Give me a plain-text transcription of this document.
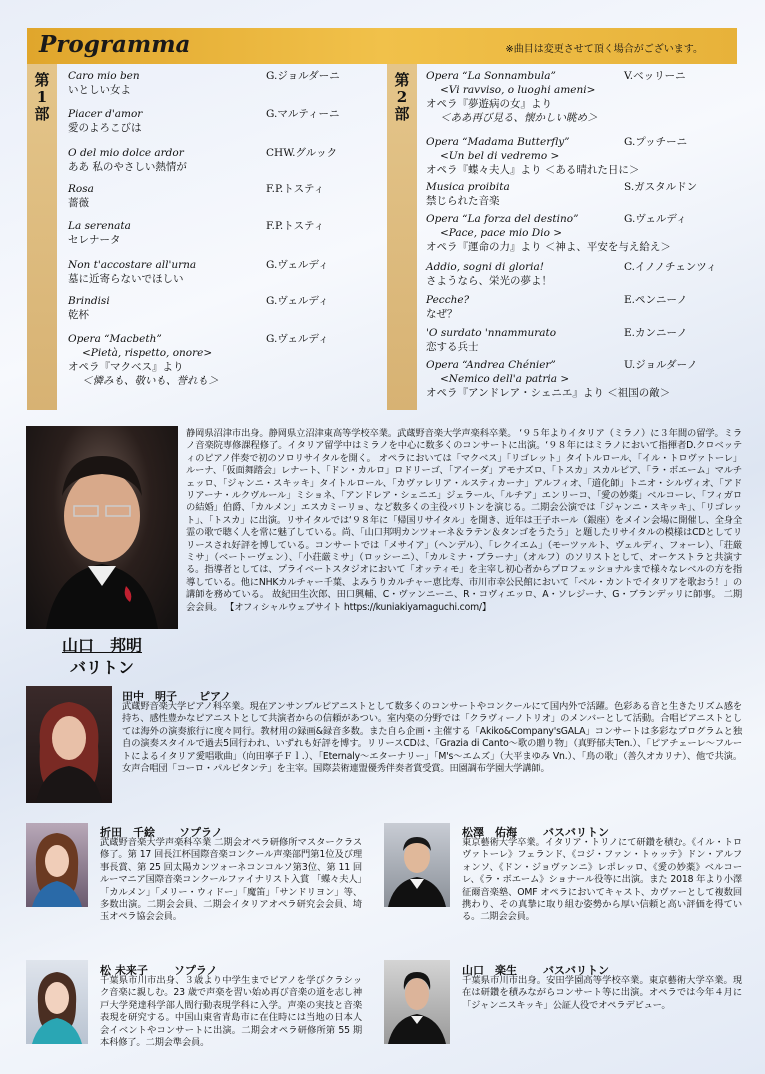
Programma	※曲目は変更させて頂く場合がございます。
第
1
部
Caro mio ben
いとしい女よ
G.ジョルダーニ
Piacer d'amor
愛のよろこびは
G.マルティーニ
O del mio dolce ardor
ああ 私のやさしい熱情が
CHW.グルック
Rosa
薔薇
F.P.トスティ
La serenata
セレナータ
F.P.トスティ
Non t'accostare all'urna
墓に近寄らないでほしい
G.ヴェルディ
Brindisi
乾杯
G.ヴェルディ
Opera “Macbeth”
<Pietà, rispetto, onore>
オペラ『マクベス』より
＜憐みも、敬いも、誉れも＞
G.ヴェルディ
第
2
部
Opera “La Sonnambula”
<Vi ravviso, o luoghi ameni>
オペラ『夢遊病の女』より
＜ああ再び見る、懐かしい眺め＞
V.ベッリーニ
Opera “Madama Butterfly”
<Un bel di vedremo >
オペラ『蝶々夫人』より ＜ある晴れた日に＞
G.プッチーニ
Musica proibita
禁じられた音楽
S.ガスタルドン
Opera “La forza del destino”
<Pace, pace mio Dio >
オペラ『運命の力』より ＜神よ、平安を与え給え＞
G.ヴェルディ
Addio, sogni di gloria!
さようなら、栄光の夢よ！
C.イノノチェンツィ
Pecche?
なぜ？
E.ペンニーノ
'O surdato 'nnammurato
恋する兵士
E.カンニーノ
Opera “Andrea Chénier”
<Nemico dell'a patria >
オペラ『アンドレア・シェニエ』より ＜祖国の敵＞
U.ジョルダーノ
山口　邦明
バリトン
静岡県沼津市出身。静岡県立沼津東高等学校卒業。武蔵野音楽大学声楽科卒業。 ‘９５年よりイタリア（ミラノ）に３年間の留学。ミラノ音楽院専修課程修了。イタリア留学中はミラノを中心に数多くのコンサートに出演。‘９８年にはミラノにおいて指揮者D.クロベッティのピアノ伴奏で初のソロリサイタルを開く。 オペラにおいては「マクベス」「リゴレット」タイトルロール、「イル・トロヴァトーレ」ルーナ、「仮面舞踏会」レナート、「ドン・カルロ」ロドリーゴ、「アイーダ」アモナズロ、「トスカ」スカルピア、「ラ・ボエーム」マルチェッロ、「ジャンニ・スキッキ」タイトルロール、「カヴァレリア・ルスティカーナ」アルフィオ、「道化師」トニオ・シルヴィオ、「アドリアーナ・ルクヴルール」ミショネ、「アンドレア・シェニエ」ジェラール、「ルチア」エンリーコ、「愛の妙薬」ベルコーレ、「フィガロの結婚」伯爵、「カルメン」エスカミーリョ、など数多くの主役バリトンを演じる。二期会公演では「ジャンニ・スキッキ」、「リゴレット」、「トスカ」に出演。リサイタルでは‘９８年に「帰国リサイタル」を開き、近年は王子ホール（銀座）をメイン会場に開催し、全身全霊の歌で聴く人を常に魅了している。尚、「山口邦明カンツォーネ＆ラテン＆タンゴをうたう」と題したリサイタルの模様はCDとしてリリースされ好評を博している。コンサートでは「メサイア」（ヘンデル）、「レクイエム」（モーツァルト、ヴェルディ、フォーレ）、「荘厳ミサ」（ベートーヴェン）、「小荘厳ミサ」（ロッシーニ）、「カルミナ・ブラーナ」（オルフ）のソリストとして、オーケストラと共演する。指導者としては、プライベートスタジオにおいて「オッティモ」を主宰し初心者からプロフェッショナルまで様々なレベルの方を指導している。他にNHKカルチャー千葉、よみうりカルチャー恵比寿、市川市幸公民館において「ベル・カントでイタリアを歌おう！」の講師を務めている。 故紀田生次郎、田口興輔、C・ヴァンニーニ、R・コヴィエッロ、A・ソレジーナ、G・ブランデッリに師事。 二期会会員。 【オフィシャルウェブサイト https://kuniakiyamaguchi.com/】
田中　明子 ピアノ
武蔵野音楽大学ピアノ科卒業。現在アンサンブルピアニストとして数多くのコンサートやコンクールにて国内外で活躍。色彩ある音と生きたリズム感を持ち、感性豊かなピアニストとして共演者からの信頼があつい。室内楽の分野では「クラヴィーノトリオ」のメンバーとして活動。合唱ピアニストとしては海外の演奏旅行に度々同行。教材用の録画&録音多数。また自ら企画・主催する「Akiko&Company'sGALA」コンサートは多彩なプログラムと独自の演奏スタイルで過去5回行われ、いずれも好評を博す。リリースCDは、「Grazia di Canto～歌の贈り物」（真野郁夫Ten.）、「ピアチェーレ～フルートによるイタリア愛唱歌曲」（向田寧子Ｆｌ.）、「Eternaly～エターナリー」「M's～エムズ」（大平まゆみ Vn.）、「鳥の歌」（善久オカリナ）、他で共演。女声合唱団「コーロ・パルピタンテ」を主宰。国際芸術連盟優秀伴奏者賞受賞。田園調布学園大学講師。
折田　千絵 ソプラノ
武蔵野音楽大学声楽科卒業 二期会オペラ研修所マスタークラス修了。第 17 回長江杯国際音楽コンクール声楽部門第1位及び理事長賞、第 25 回太陽カンツォーネコンコルソ第3位、第 11 回ルーマニア国際音楽コンクールファイナリスト入賞 「蝶々夫人」「カルメン」「メリー・ウィドー」「魔笛」「サンドリヨン」等、多数出演。二期会会員、二期会イタリアオペラ研究会会員、埼玉オペラ協会会員。
松澤　佑海 バスバリトン
東京藝術大学卒業。イタリア・トリノにて研鑽を積む。《イル・トロヴァトーレ》フェランド、《コジ・ファン・トゥッテ》ドン・アルフォンソ、《ドン・ジョヴァンニ》レポレッロ、《愛の妙薬》ベルコーレ、《ラ・ボエーム》ショナール役等に出演。また 2018 年より小澤征爾音楽塾、OMF オペラにおいてキャスト、カヴァーとして複数回携わり、その真摯に取り組む姿勢から厚い信頼と高い評価を得ている。二期会会員。
松 未来子 ソプラノ
千葉県市川市出身、３歳より中学生までピアノを学びクラシック音楽に親しむ。23 歳で声楽を習い始め再び音楽の道を志し神戸大学発達科学部人間行動表現学科に入学。声楽の実技と音楽表現を研究する。中国山東省青島市に在住時には当地の日本人会イベントやコンサートに出演。二期会オペラ研修所第 55 期本科修了。二期会準会員。
山口　楽生 バスバリトン
千葉県市川市出身。安田学園高等学校卒業。東京藝術大学卒業。現在は研鑽を積みながらコンサート等に出演。オペラでは今年４月に「ジャンニスキッキ」公証人役でオペラデビュー。
